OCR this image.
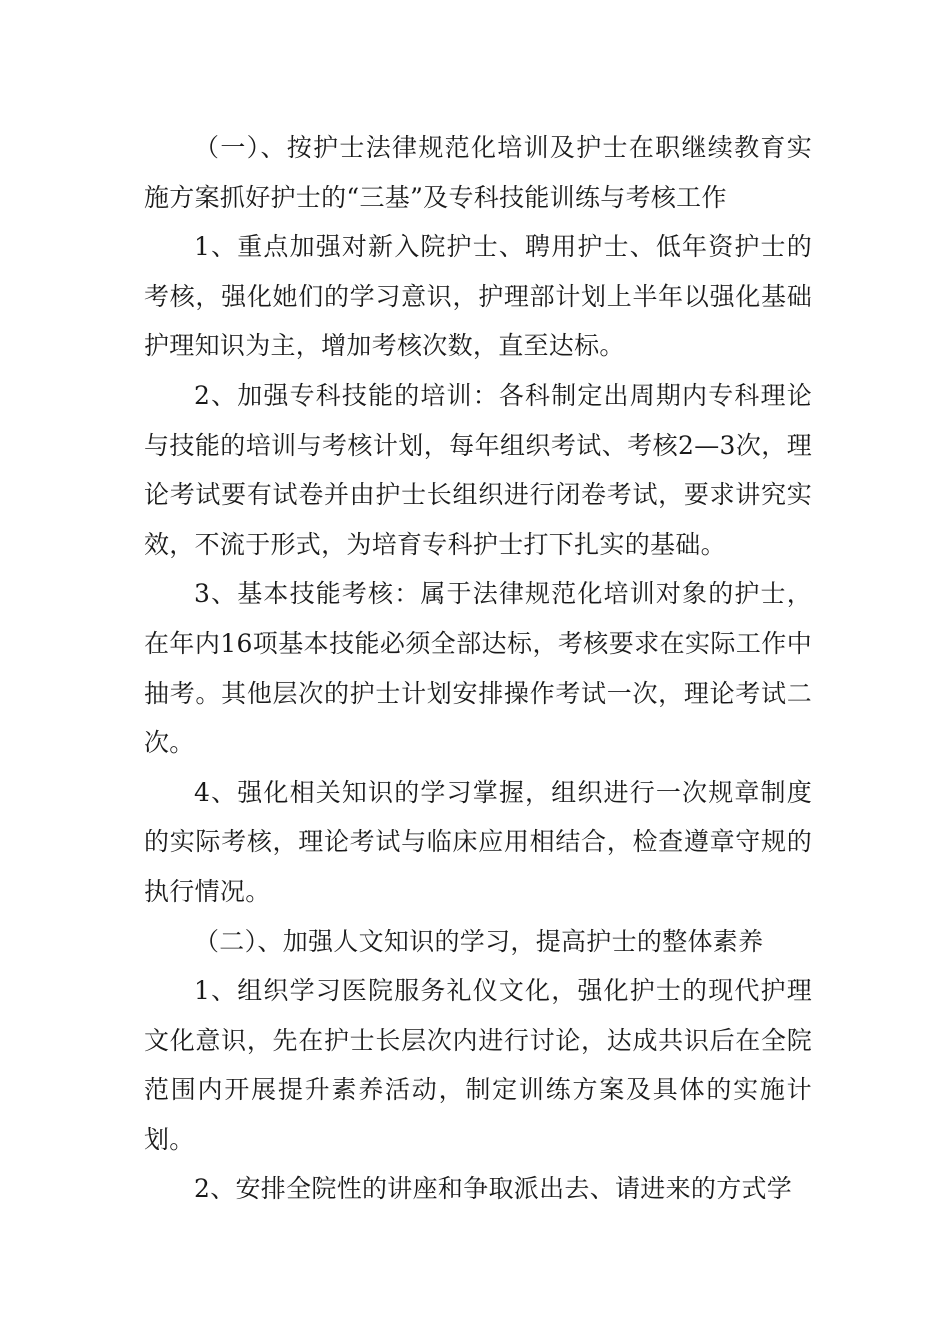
（一）、按护士法律规范化培训及护士在职继续教育实施方案抓好护士的“三基”及专科技能训练与考核工作

1、重点加强对新入院护士、聘用护士、低年资护士的考核，强化她们的学习意识，护理部计划上半年以强化基础护理知识为主，增加考核次数，直至达标。

2、加强专科技能的培训：各科制定出周期内专科理论与技能的培训与考核计划，每年组织考试、考核2—3次，理论考试要有试卷并由护士长组织进行闭卷考试，要求讲究实效，不流于形式，为培育专科护士打下扎实的基础。

3、基本技能考核：属于法律规范化培训对象的护士，在年内16项基本技能必须全部达标，考核要求在实际工作中抽考。其他层次的护士计划安排操作考试一次，理论考试二次。

4、强化相关知识的学习掌握，组织进行一次规章制度的实际考核，理论考试与临床应用相结合，检查遵章守规的执行情况。

（二）、加强人文知识的学习，提高护士的整体素养

1、组织学习医院服务礼仪文化，强化护士的现代护理文化意识，先在护士长层次内进行讨论，达成共识后在全院范围内开展提升素养活动，制定训练方案及具体的实施计划。

2、安排全院性的讲座和争取派出去、请进来的方式学
